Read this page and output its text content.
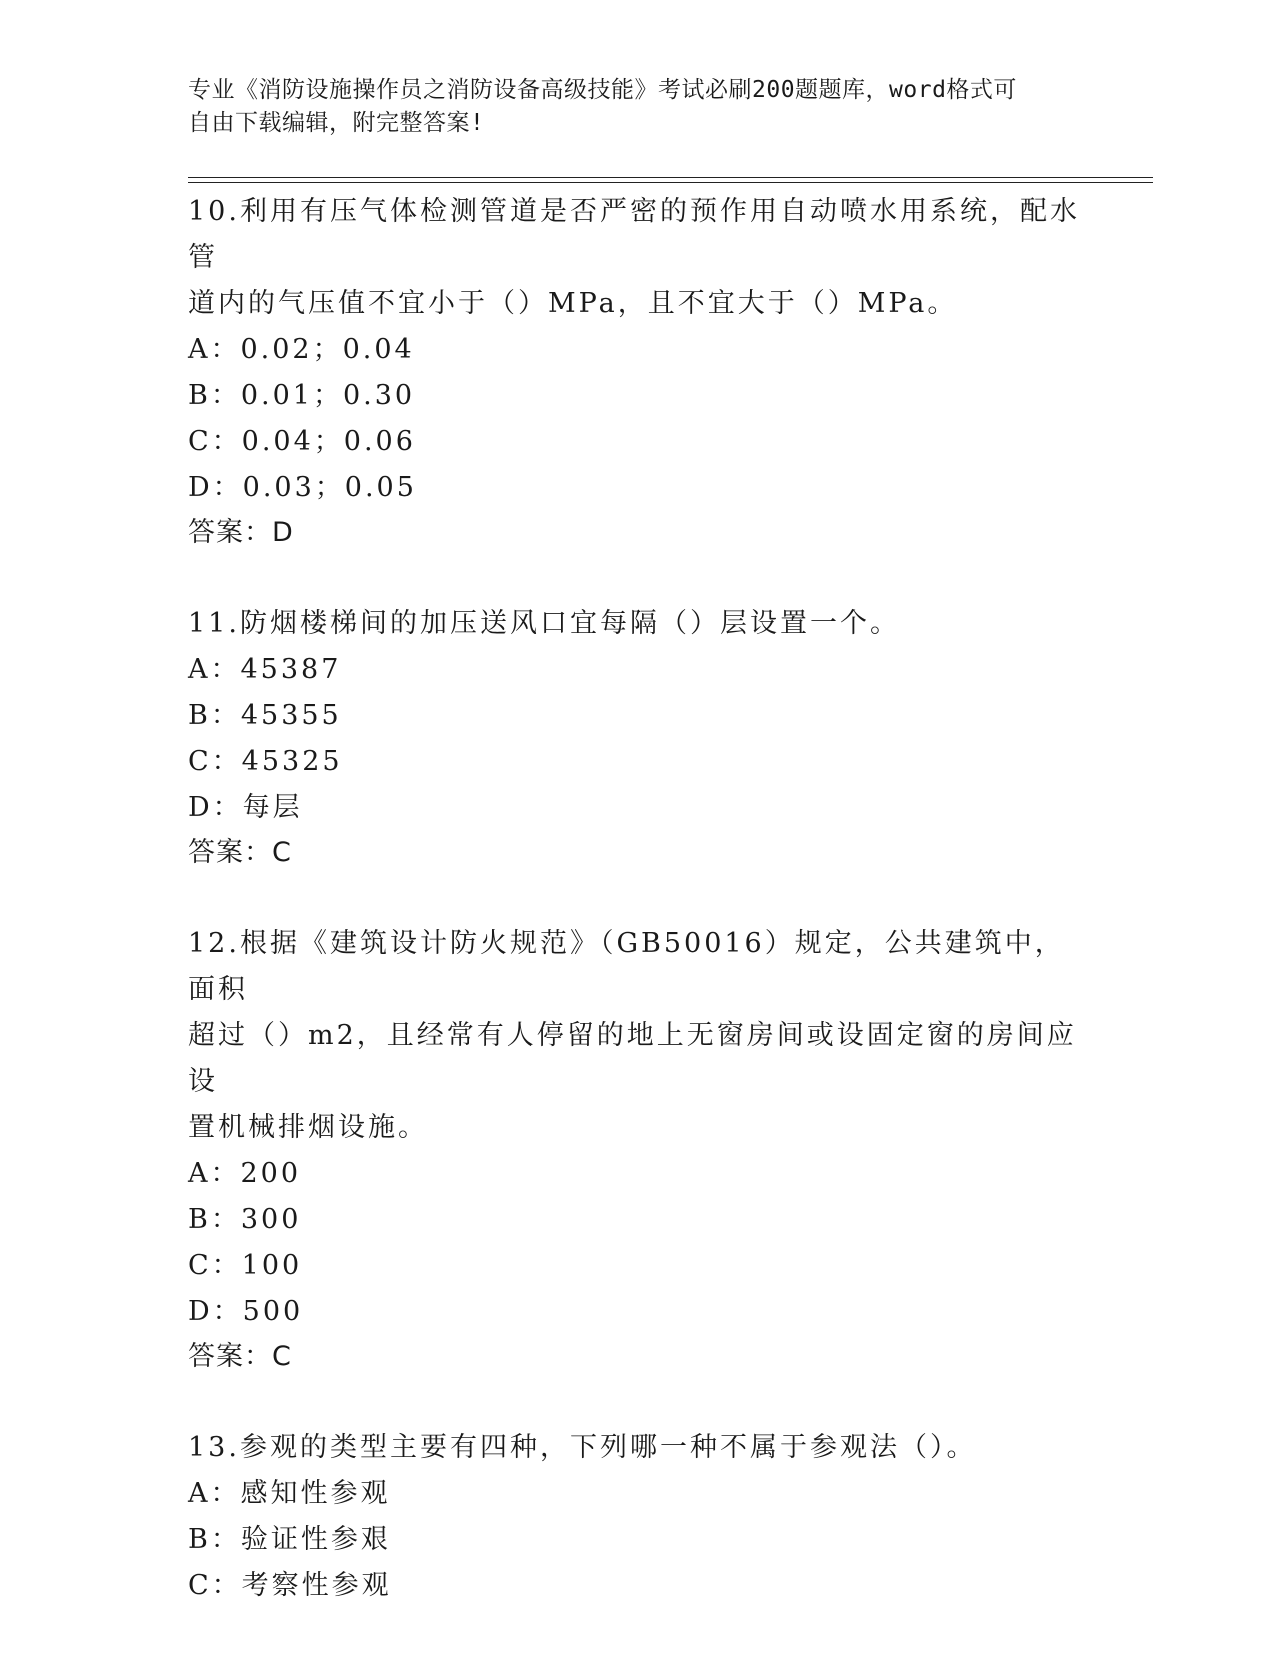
专业《消防设施操作员之消防设备高级技能》考试必刷200题题库，word格式可

自由下载编辑，附完整答案!

10.利用有压气体检测管道是否严密的预作用自动喷水用系统，配水管

道内的气压值不宜小于（）MPa，且不宜大于（）MPa。

A：0.02；0.04

B：0.01；0.30

C：0.04；0.06

D：0.03；0.05

答案：D

11.防烟楼梯间的加压送风口宜每隔（）层设置一个。

A：45387

B：45355

C：45325

D：每层

答案：C

12.根据《建筑设计防火规范》（GB50016）规定，公共建筑中，面积

超过（）m2，且经常有人停留的地上无窗房间或设固定窗的房间应设

置机械排烟设施。

A：200

B：300

C：100

D：500

答案：C

13.参观的类型主要有四种，下列哪一种不属于参观法（）。

A：感知性参观

B：验证性参艰

C：考察性参观
